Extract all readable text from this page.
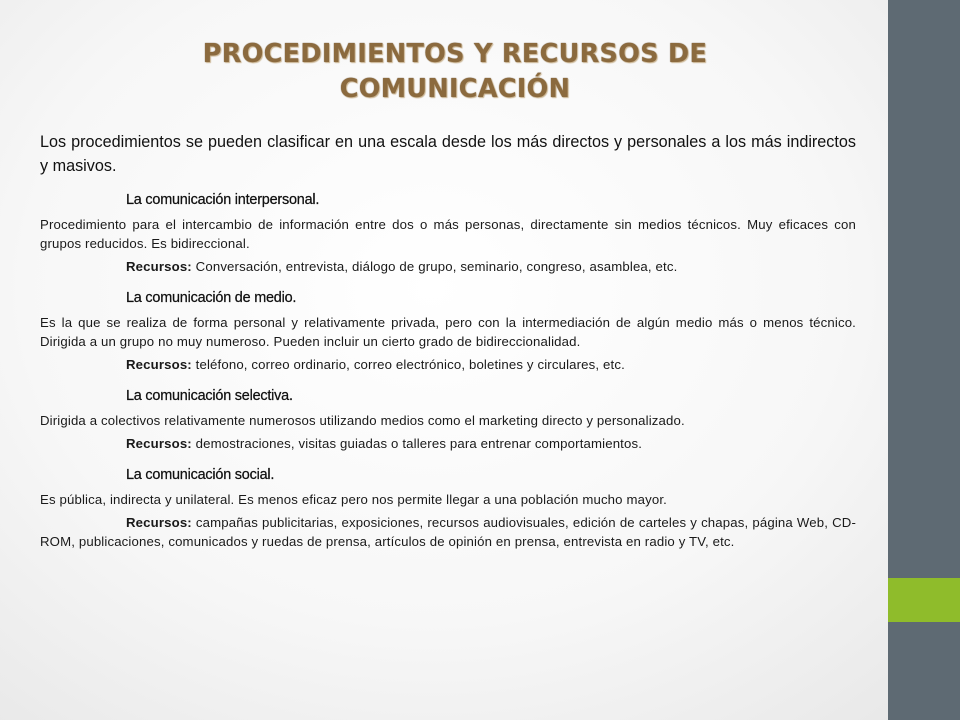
PROCEDIMIENTOS Y RECURSOS DE COMUNICACIÓN

Los procedimientos se pueden clasificar en una escala desde los más directos y personales a los más indirectos y masivos.

La comunicación interpersonal.

Procedimiento para el intercambio de información entre dos o más personas, directamente sin medios técnicos. Muy eficaces con grupos reducidos. Es bidireccional.

Recursos: Conversación, entrevista, diálogo de grupo, seminario, congreso, asamblea, etc.

La comunicación de medio.

Es la que se realiza de forma personal y relativamente privada, pero con la intermediación de algún medio más o menos técnico. Dirigida a un grupo no muy numeroso. Pueden incluir un cierto grado de bidireccionalidad.

Recursos: teléfono, correo ordinario, correo electrónico, boletines y circulares, etc.

La comunicación selectiva.

Dirigida a colectivos relativamente numerosos utilizando medios como el marketing directo y personalizado.

Recursos: demostraciones, visitas guiadas o talleres para entrenar comportamientos.

La comunicación social.

Es pública, indirecta y unilateral. Es menos eficaz pero nos permite llegar a una población mucho mayor.

Recursos: campañas publicitarias, exposiciones, recursos audiovisuales, edición de carteles y chapas, página Web, CD-ROM, publicaciones, comunicados y ruedas de prensa, artículos de opinión en prensa, entrevista en radio y TV, etc.
